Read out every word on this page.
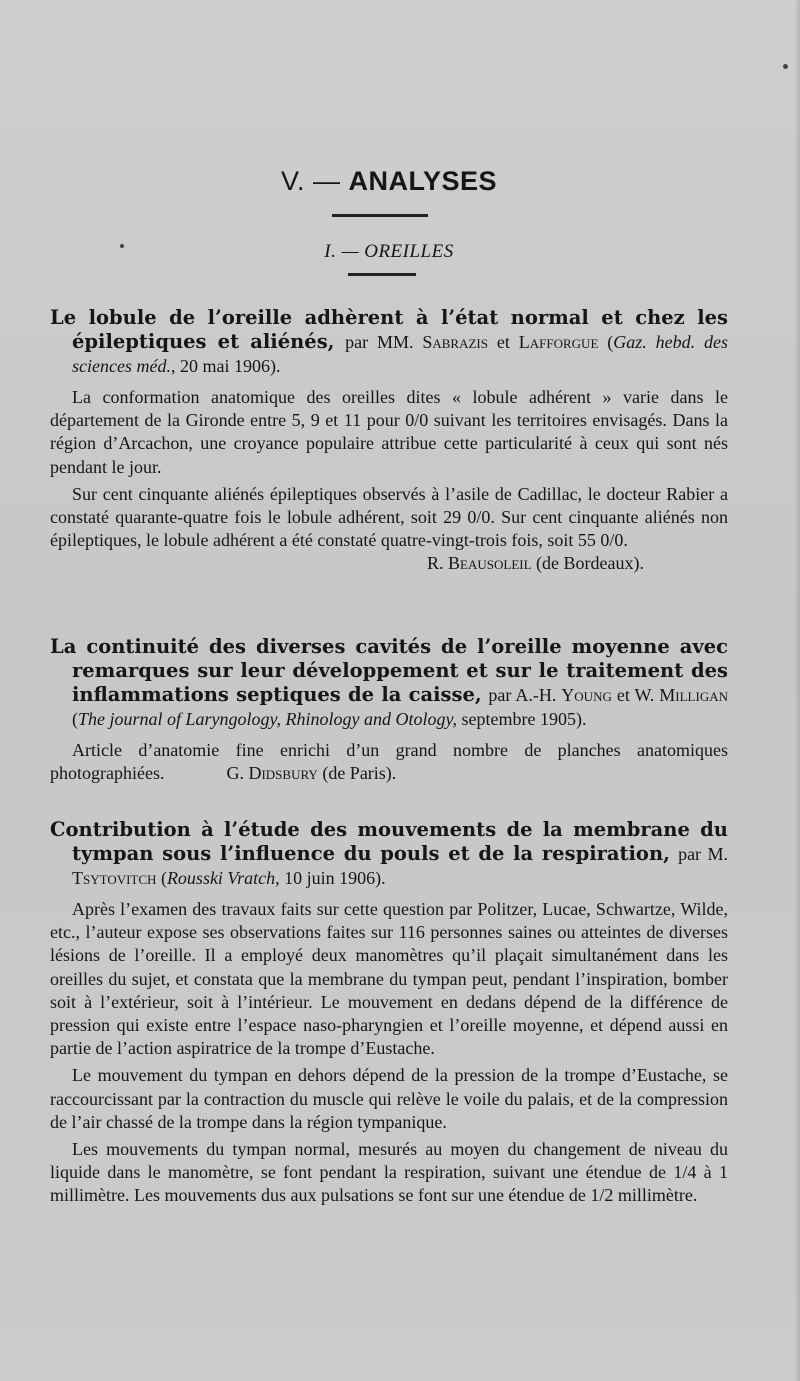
V. — ANALYSES
I. — OREILLES

Le lobule de l’oreille adhèrent à l’état normal et chez les épileptiques et aliénés, par MM. Sabrazis et Lafforgue (Gaz. hebd. des sciences méd., 20 mai 1906).

La conformation anatomique des oreilles dites « lobule adhérent » varie dans le département de la Gironde entre 5, 9 et 11 pour 0/0 suivant les territoires envisagés. Dans la région d’Arcachon, une croyance populaire attribue cette particularité à ceux qui sont nés pendant le jour.

Sur cent cinquante aliénés épileptiques observés à l’asile de Cadillac, le docteur Rabier a constaté quarante-quatre fois le lobule adhérent, soit 29 0/0. Sur cent cinquante aliénés non épileptiques, le lobule adhérent a été constaté quatre-vingt-trois fois, soit 55 0/0.

R. Beausoleil (de Bordeaux).

La continuité des diverses cavités de l’oreille moyenne avec remarques sur leur développement et sur le traitement des inflammations septiques de la caisse, par A.-H. Young et W. Milligan (The journal of Laryngology, Rhinology and Otology, septembre 1905).

Article d’anatomie fine enrichi d’un grand nombre de planches anatomiques photographiées.	G. Didsbury (de Paris).

Contribution à l’étude des mouvements de la membrane du tympan sous l’influence du pouls et de la respiration, par M. Tsytovitch (Rousski Vratch, 10 juin 1906).

Après l’examen des travaux faits sur cette question par Politzer, Lucae, Schwartze, Wilde, etc., l’auteur expose ses observations faites sur 116 personnes saines ou atteintes de diverses lésions de l’oreille. Il a employé deux manomètres qu’il plaçait simultanément dans les oreilles du sujet, et constata que la membrane du tympan peut, pendant l’inspiration, bomber soit à l’extérieur, soit à l’intérieur. Le mouvement en dedans dépend de la différence de pression qui existe entre l’espace naso-pharyngien et l’oreille moyenne, et dépend aussi en partie de l’action aspiratrice de la trompe d’Eustache.

Le mouvement du tympan en dehors dépend de la pression de la trompe d’Eustache, se raccourcissant par la contraction du muscle qui relève le voile du palais, et de la compression de l’air chassé de la trompe dans la région tympanique.

Les mouvements du tympan normal, mesurés au moyen du changement de niveau du liquide dans le manomètre, se font pendant la respiration, suivant une étendue de 1/4 à 1 millimètre. Les mouvements dus aux pulsations se font sur une étendue de 1/2 millimètre.
